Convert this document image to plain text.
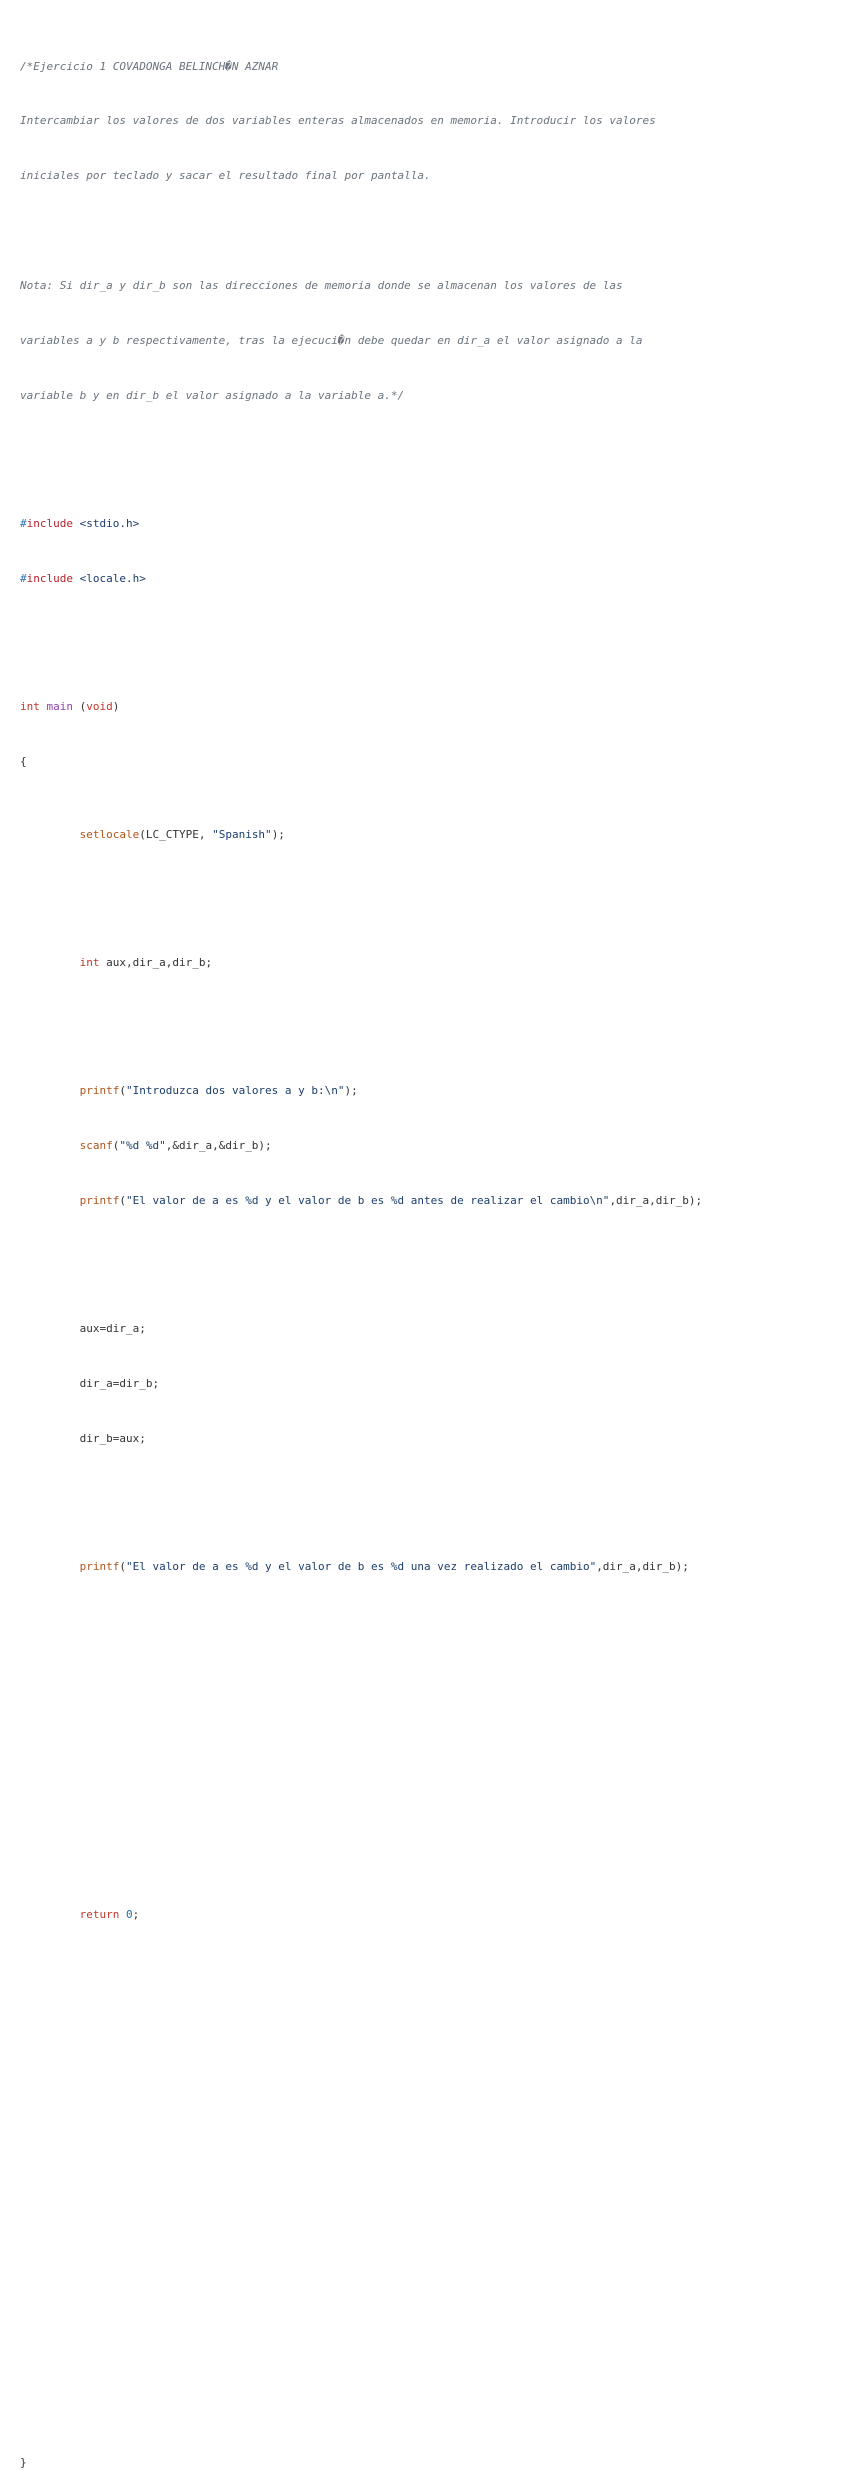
/*Ejercicio 1 COVADONGA BELINCH�N AZNAR

Intercambiar los valores de dos variables enteras almacenados en memoria. Introducir los valores

iniciales por teclado y sacar el resultado final por pantalla.

Nota: Si dir_a y dir_b son las direcciones de memoria donde se almacenan los valores de las

variables a y b respectivamente, tras la ejecuci�n debe quedar en dir_a el valor asignado a la

variable b y en dir_b el valor asignado a la variable a.*/

#include <stdio.h>

#include <locale.h>

int main (void)

{

setlocale(LC_CTYPE, "Spanish");

int aux,dir_a,dir_b;

printf("Introduzca dos valores a y b:\n");

scanf("%d %d",&dir_a,&dir_b);

printf("El valor de a es %d y el valor de b es %d antes de realizar el cambio\n",dir_a,dir_b);

aux=dir_a;

dir_a=dir_b;

dir_b=aux;

printf("El valor de a es %d y el valor de b es %d una vez realizado el cambio",dir_a,dir_b);

return 0;

}
